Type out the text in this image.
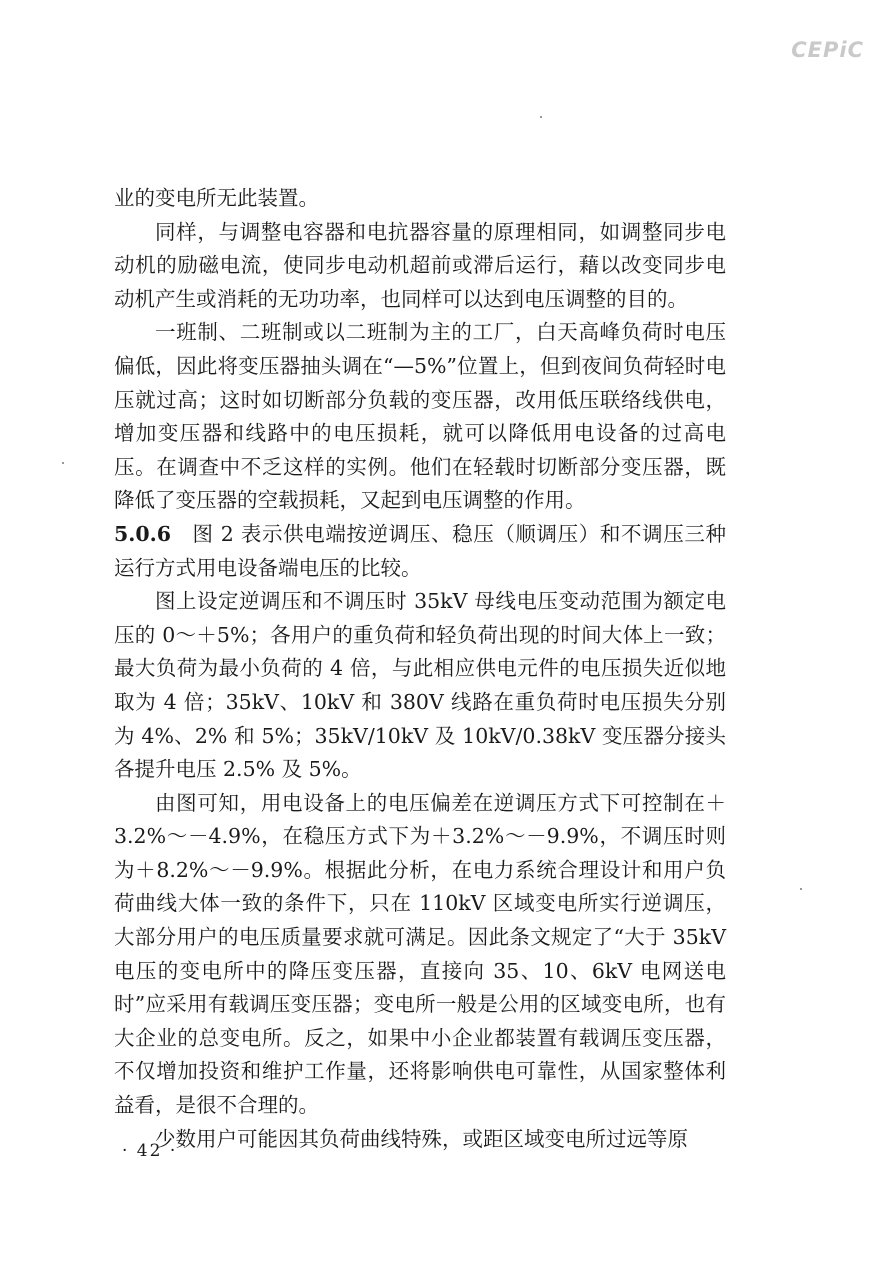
CEPiC

业的变电所无此装置。

同样，与调整电容器和电抗器容量的原理相同，如调整同步电动机的励磁电流，使同步电动机超前或滞后运行，藉以改变同步电动机产生或消耗的无功功率，也同样可以达到电压调整的目的。

一班制、二班制或以二班制为主的工厂，白天高峰负荷时电压偏低，因此将变压器抽头调在“—5%”位置上，但到夜间负荷轻时电压就过高；这时如切断部分负载的变压器，改用低压联络线供电，增加变压器和线路中的电压损耗，就可以降低用电设备的过高电压。在调查中不乏这样的实例。他们在轻载时切断部分变压器，既降低了变压器的空载损耗，又起到电压调整的作用。

5.0.6 图 2 表示供电端按逆调压、稳压（顺调压）和不调压三种运行方式用电设备端电压的比较。

图上设定逆调压和不调压时 35kV 母线电压变动范围为额定电压的 0～＋5%；各用户的重负荷和轻负荷出现的时间大体上一致；最大负荷为最小负荷的 4 倍，与此相应供电元件的电压损失近似地取为 4 倍；35kV、10kV 和 380V 线路在重负荷时电压损失分别为 4%、2% 和 5%；35kV/10kV 及 10kV/0.38kV 变压器分接头各提升电压 2.5% 及 5%。

由图可知，用电设备上的电压偏差在逆调压方式下可控制在＋3.2%～－4.9%，在稳压方式下为＋3.2%～－9.9%，不调压时则为＋8.2%～－9.9%。根据此分析，在电力系统合理设计和用户负荷曲线大体一致的条件下，只在 110kV 区域变电所实行逆调压，大部分用户的电压质量要求就可满足。因此条文规定了“大于 35kV 电压的变电所中的降压变压器，直接向 35、10、6kV 电网送电时”应采用有载调压变压器；变电所一般是公用的区域变电所，也有大企业的总变电所。反之，如果中小企业都装置有载调压变压器，不仅增加投资和维护工作量，还将影响供电可靠性，从国家整体利益看，是很不合理的。

少数用户可能因其负荷曲线特殊，或距区域变电所过远等原

· 42 ·
